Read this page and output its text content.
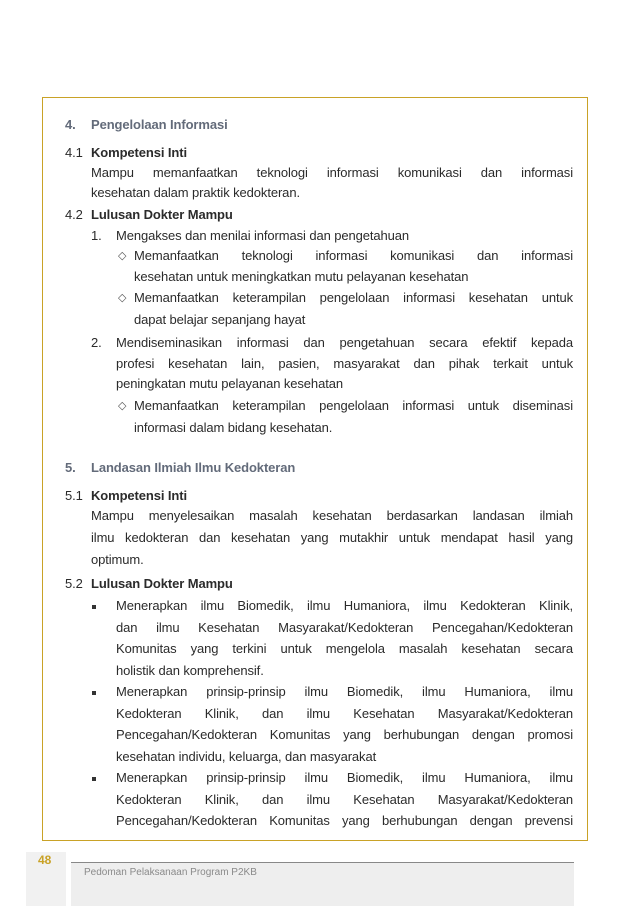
4. Pengelolaan Informasi
4.1 Kompetensi Inti
Mampu memanfaatkan teknologi informasi komunikasi dan informasi
kesehatan dalam praktik kedokteran.
4.2 Lulusan Dokter Mampu
1. Mengakses dan menilai informasi dan pengetahuan
◇ Memanfaatkan teknologi informasi komunikasi dan informasi
kesehatan untuk meningkatkan mutu pelayanan kesehatan
◇ Memanfaatkan keterampilan pengelolaan informasi kesehatan untuk
dapat belajar sepanjang hayat
2. Mendiseminasikan informasi dan pengetahuan secara efektif kepada
profesi kesehatan lain, pasien, masyarakat dan pihak terkait untuk
peningkatan mutu pelayanan kesehatan
◇ Memanfaatkan keterampilan pengelolaan informasi untuk diseminasi
informasi dalam bidang kesehatan.
5. Landasan Ilmiah Ilmu Kedokteran
5.1 Kompetensi Inti
Mampu menyelesaikan masalah kesehatan berdasarkan landasan ilmiah
ilmu kedokteran dan kesehatan yang mutakhir untuk mendapat hasil yang
optimum.
5.2 Lulusan Dokter Mampu
Menerapkan ilmu Biomedik, ilmu Humaniora, ilmu Kedokteran Klinik,
dan ilmu Kesehatan Masyarakat/Kedokteran Pencegahan/Kedokteran
Komunitas yang terkini untuk mengelola masalah kesehatan secara
holistik dan komprehensif.
Menerapkan prinsip-prinsip ilmu Biomedik, ilmu Humaniora, ilmu
Kedokteran Klinik, dan ilmu Kesehatan Masyarakat/Kedokteran
Pencegahan/Kedokteran Komunitas yang berhubungan dengan promosi
kesehatan individu, keluarga, dan masyarakat
Menerapkan prinsip-prinsip ilmu Biomedik, ilmu Humaniora, ilmu
Kedokteran Klinik, dan ilmu Kesehatan Masyarakat/Kedokteran
Pencegahan/Kedokteran Komunitas yang berhubungan dengan prevensi
48
Pedoman Pelaksanaan Program P2KB
